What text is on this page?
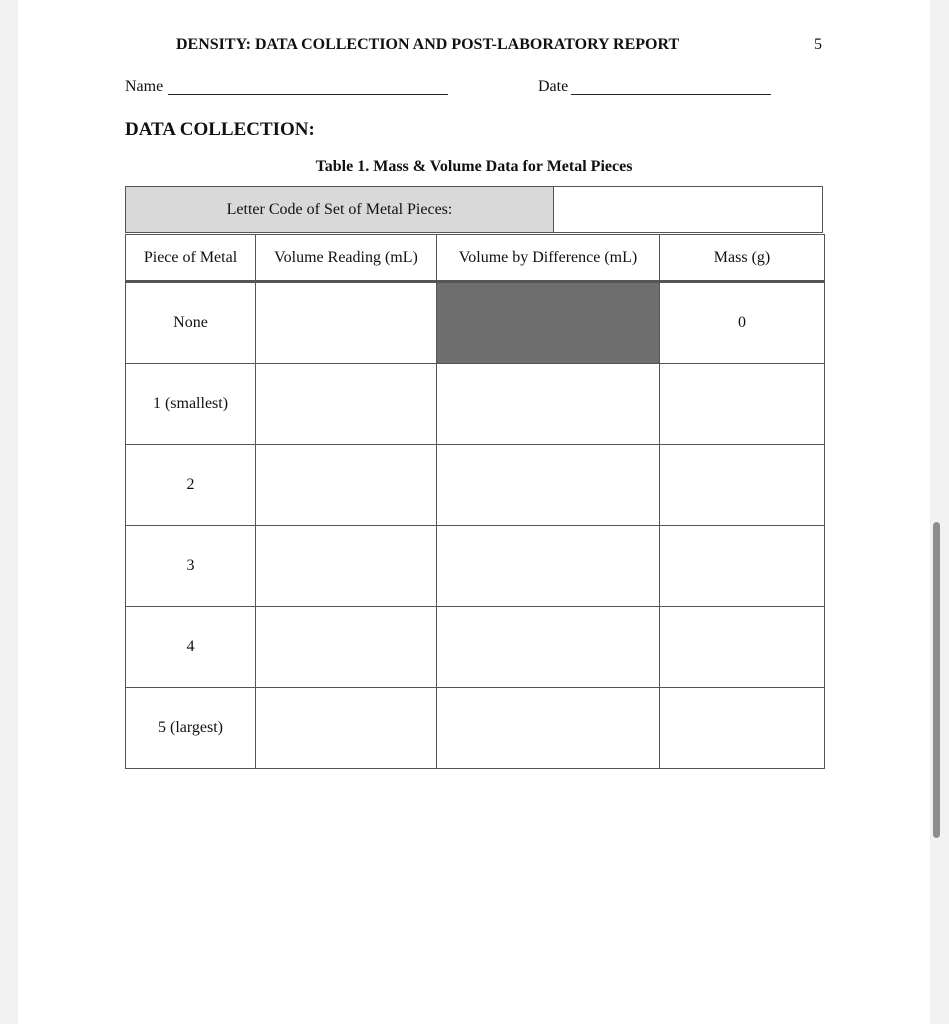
DENSITY: DATA COLLECTION AND POST-LABORATORY REPORT	5
Name	Date
DATA COLLECTION:
Table 1. Mass & Volume Data for Metal Pieces
Letter Code of Set of Metal Pieces:
Piece of Metal	Volume Reading (mL)	Volume by Difference (mL)	Mass (g)
None			0
1 (smallest)			
2			
3			
4			
5 (largest)			
